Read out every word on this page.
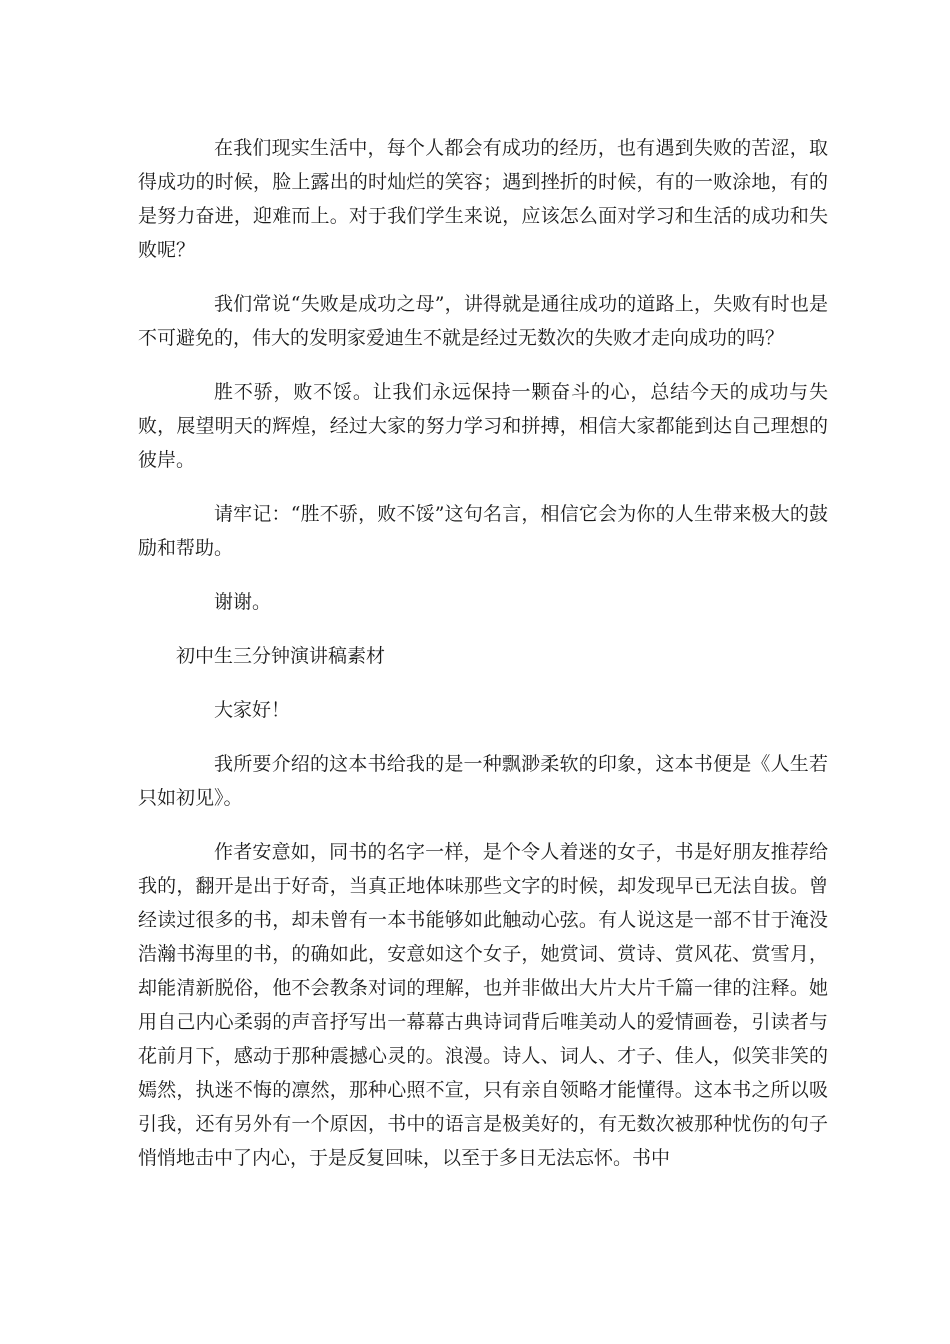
在我们现实生活中，每个人都会有成功的经历，也有遇到失败的苦涩，取得成功的时候，脸上露出的时灿烂的笑容；遇到挫折的时候，有的一败涂地，有的是努力奋进，迎难而上。对于我们学生来说，应该怎么面对学习和生活的成功和失败呢？

我们常说“失败是成功之母”，讲得就是通往成功的道路上，失败有时也是不可避免的，伟大的发明家爱迪生不就是经过无数次的失败才走向成功的吗？

胜不骄，败不馁。让我们永远保持一颗奋斗的心，总结今天的成功与失败，展望明天的辉煌，经过大家的努力学习和拼搏，相信大家都能到达自己理想的彼岸。

请牢记：“胜不骄，败不馁”这句名言，相信它会为你的人生带来极大的鼓励和帮助。

谢谢。

初中生三分钟演讲稿素材

大家好！

我所要介绍的这本书给我的是一种飘渺柔软的印象，这本书便是《人生若只如初见》。

作者安意如，同书的名字一样，是个令人着迷的女子，书是好朋友推荐给我的，翻开是出于好奇，当真正地体味那些文字的时候，却发现早已无法自拔。曾经读过很多的书，却未曾有一本书能够如此触动心弦。有人说这是一部不甘于淹没浩瀚书海里的书，的确如此，安意如这个女子，她赏词、赏诗、赏风花、赏雪月，却能清新脱俗，他不会教条对词的理解，也并非做出大片大片千篇一律的注释。她用自己内心柔弱的声音抒写出一幕幕古典诗词背后唯美动人的爱情画卷，引读者与花前月下，感动于那种震撼心灵的。浪漫。诗人、词人、才子、佳人，似笑非笑的嫣然，执迷不悔的凛然，那种心照不宣，只有亲自领略才能懂得。这本书之所以吸引我，还有另外有一个原因，书中的语言是极美好的，有无数次被那种忧伤的句子悄悄地击中了内心，于是反复回味，以至于多日无法忘怀。书中
